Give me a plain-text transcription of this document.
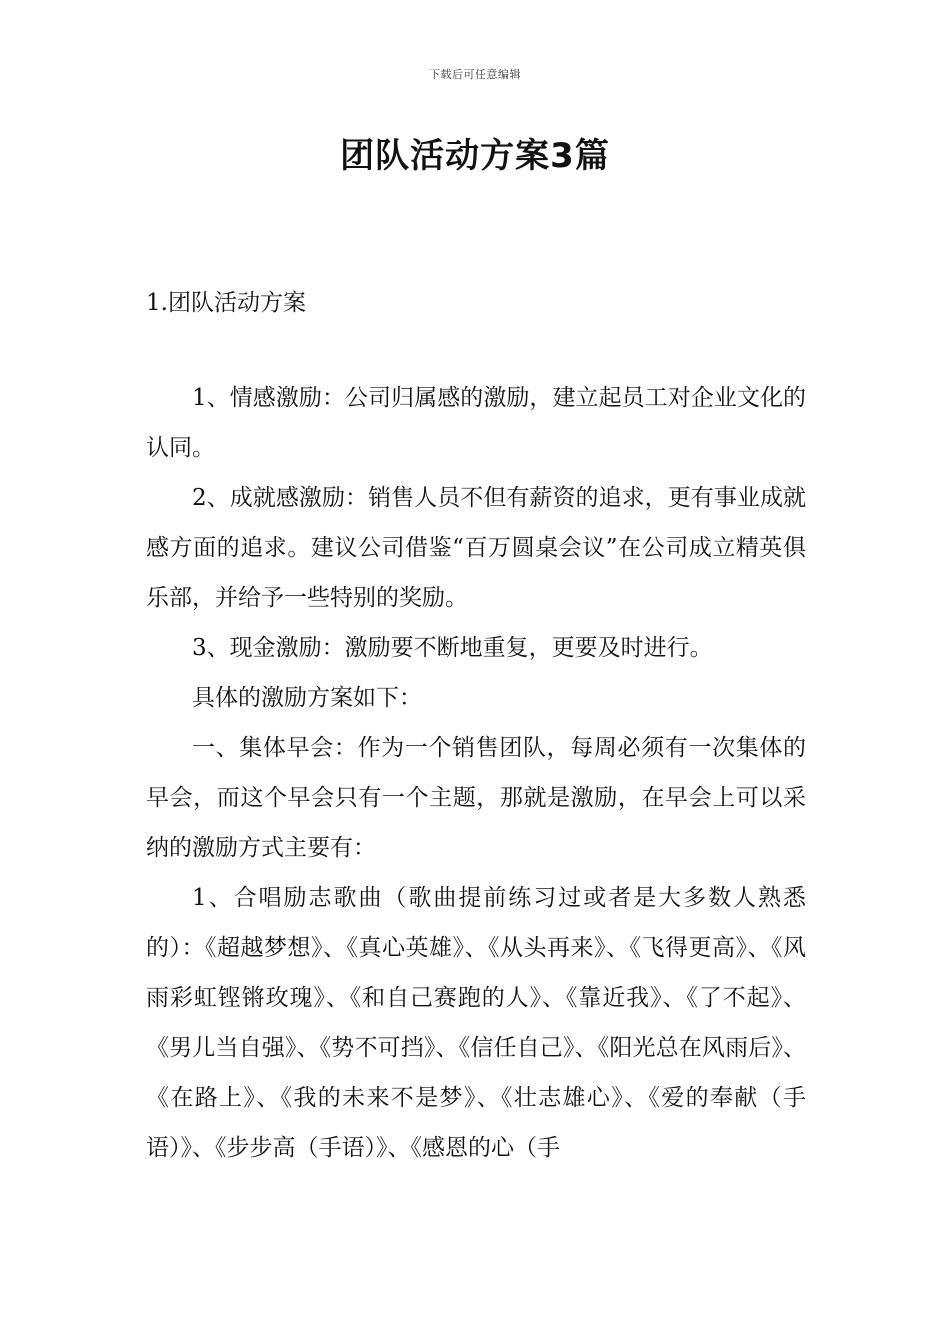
下载后可任意编辑
团队活动方案3篇
1.团队活动方案

1、情感激励：公司归属感的激励，建立起员工对企业文化的认同。

2、成就感激励：销售人员不但有薪资的追求，更有事业成就感方面的追求。建议公司借鉴“百万圆桌会议”在公司成立精英俱乐部，并给予一些特别的奖励。

3、现金激励：激励要不断地重复，更要及时进行。

具体的激励方案如下：

一、集体早会：作为一个销售团队，每周必须有一次集体的早会，而这个早会只有一个主题，那就是激励，在早会上可以采纳的激励方式主要有：

1、合唱励志歌曲（歌曲提前练习过或者是大多数人熟悉的）：《超越梦想》、《真心英雄》、《从头再来》、《飞得更高》、《风雨彩虹铿锵玫瑰》、《和自己赛跑的人》、《靠近我》、《了不起》、《男儿当自强》、《势不可挡》、《信任自己》、《阳光总在风雨后》、《在路上》、《我的未来不是梦》、《壮志雄心》、《爱的奉献（手语）》、《步步高（手语）》、《感恩的心（手
